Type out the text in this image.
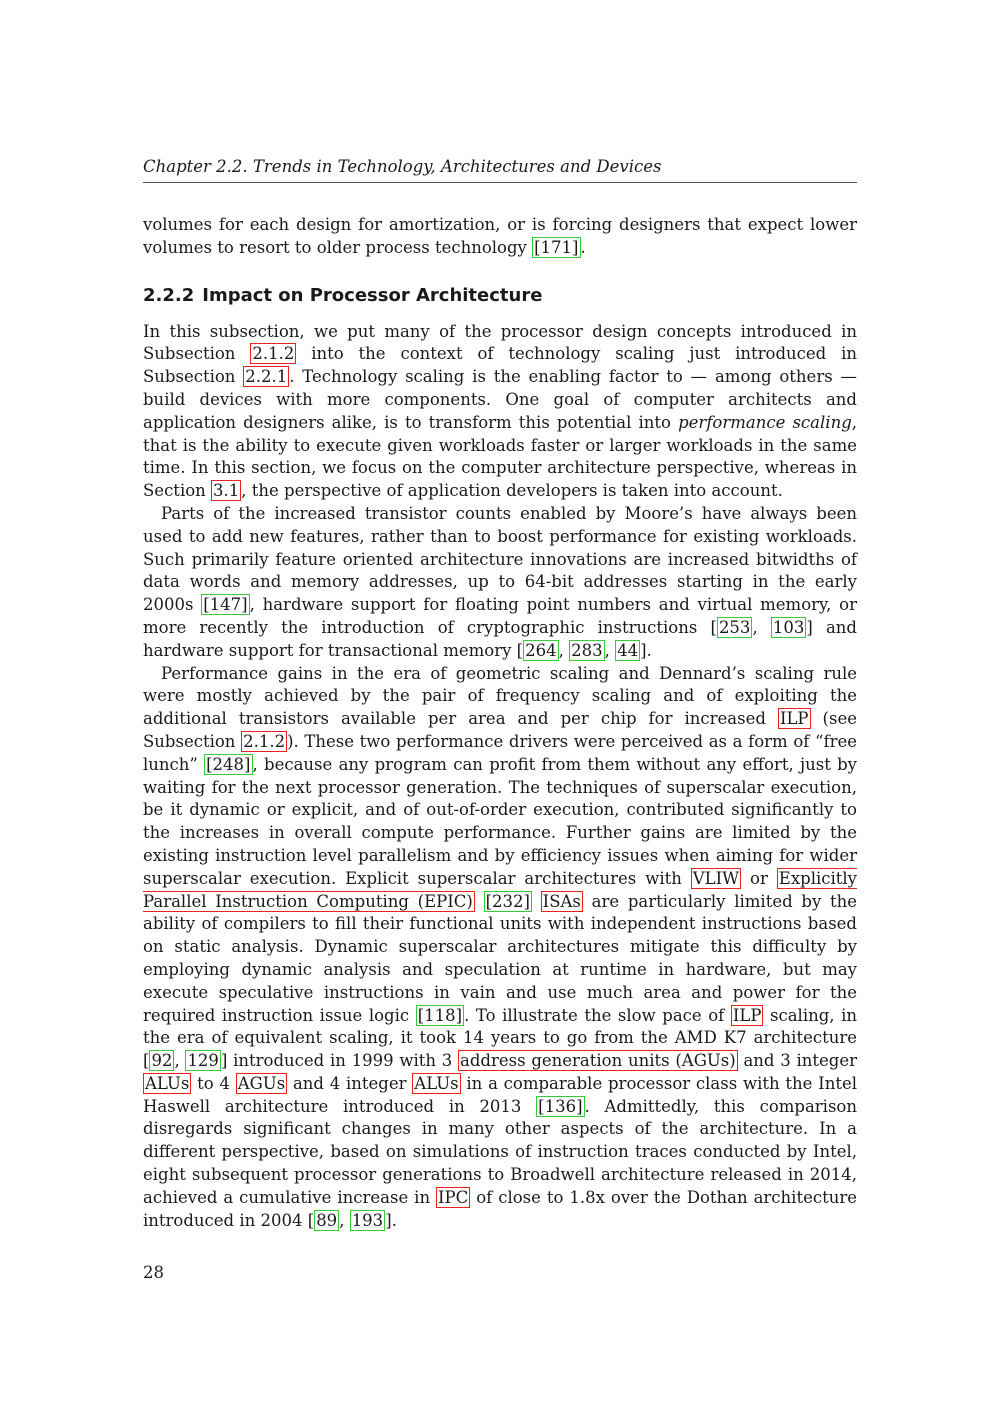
Chapter 2.2. Trends in Technology, Architectures and Devices

volumes for each design for amortization, or is forcing designers that expect lower volumes to resort to older process technology [171] .

2.2.2 Impact on Processor Architecture

In this subsection, we put many of the processor design concepts introduced in Subsection 2.1.2 into the context of technology scaling just introduced in Subsection 2.2.1 . Technology scaling is the enabling factor to — among others — build devices with more components. One goal of computer architects and application designers alike, is to transform this potential into performance scaling, that is the ability to execute given workloads faster or larger workloads in the same time. In this section, we focus on the computer architecture perspective, whereas in Section 3.1 , the perspective of application developers is taken into account.

Parts of the increased transistor counts enabled by Moore’s have always been used to add new features, rather than to boost performance for existing workloads. Such primarily feature oriented architecture innovations are increased bitwidths of data words and memory addresses, up to 64-bit addresses starting in the early 2000s [147] , hardware support for floating point numbers and virtual memory, or more recently the introduction of cryptographic instructions [ 253 , 103 ] and hardware support for transactional memory [ 264 , 283 , 44 ].

Performance gains in the era of geometric scaling and Dennard’s scaling rule were mostly achieved by the pair of frequency scaling and of exploiting the additional transistors available per area and per chip for increased ILP (see Subsection 2.1.2 ). These two performance drivers were perceived as a form of “free lunch” [248] , because any program can profit from them without any effort, just by waiting for the next processor generation. The techniques of superscalar execution, be it dynamic or explicit, and of out-of-order execution, contributed significantly to the increases in overall compute performance. Further gains are limited by the existing instruction level parallelism and by efficiency issues when aiming for wider superscalar execution. Explicit superscalar architectures with VLIW or Explicitly Parallel Instruction Computing (EPIC) [232] ISAs are particularly limited by the ability of compilers to fill their functional units with independent instructions based on static analysis. Dynamic superscalar architectures mitigate this difficulty by employing dynamic analysis and speculation at runtime in hardware, but may execute speculative instructions in vain and use much area and power for the required instruction issue logic [118] . To illustrate the slow pace of ILP scaling, in the era of equivalent scaling, it took 14 years to go from the AMD K7 architecture [ 92 , 129 ] introduced in 1999 with 3 address generation units (AGUs) and 3 integer ALUs to 4 AGUs and 4 integer ALUs in a comparable processor class with the Intel Haswell architecture introduced in 2013 [136] . Admittedly, this comparison disregards significant changes in many other aspects of the architecture. In a different perspective, based on simulations of instruction traces conducted by Intel, eight subsequent processor generations to Broadwell architecture released in 2014, achieved a cumulative increase in IPC of close to 1.8x over the Dothan architecture introduced in 2004 [ 89 , 193 ].

28
